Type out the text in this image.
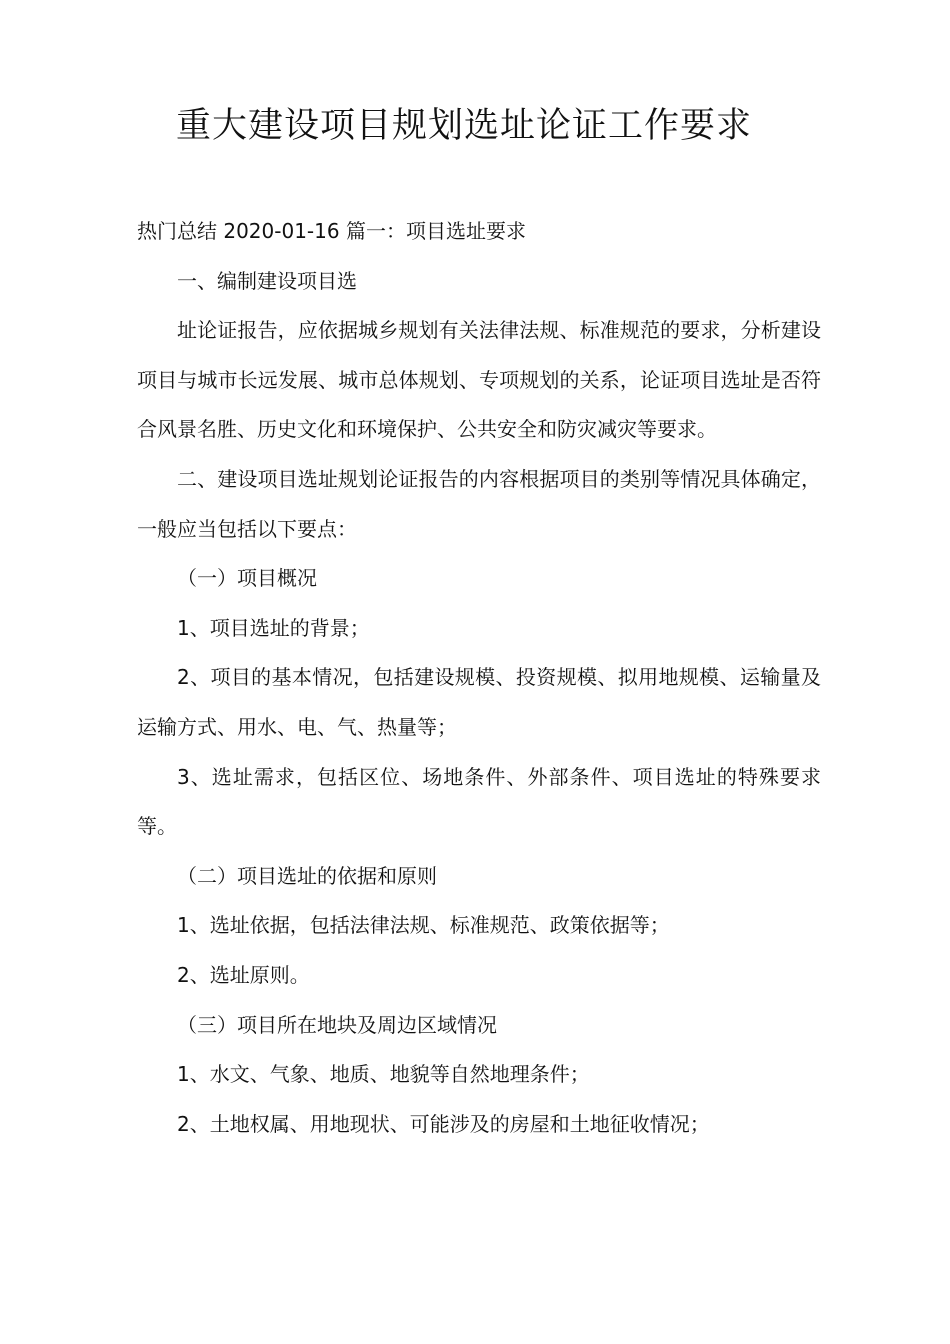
重大建设项目规划选址论证工作要求

热门总结 2020-01-16 篇一：项目选址要求

一、编制建设项目选

址论证报告，应依据城乡规划有关法律法规、标准规范的要求，分析建设项目与城市长远发展、城市总体规划、专项规划的关系，论证项目选址是否符合风景名胜、历史文化和环境保护、公共安全和防灾减灾等要求。

二、建设项目选址规划论证报告的内容根据项目的类别等情况具体确定，一般应当包括以下要点：

（一）项目概况

1、项目选址的背景；

2、项目的基本情况，包括建设规模、投资规模、拟用地规模、运输量及运输方式、用水、电、气、热量等；

3、选址需求，包括区位、场地条件、外部条件、项目选址的特殊要求等。

（二）项目选址的依据和原则

1、选址依据，包括法律法规、标准规范、政策依据等；

2、选址原则。

（三）项目所在地块及周边区域情况

1、水文、气象、地质、地貌等自然地理条件；

2、土地权属、用地现状、可能涉及的房屋和土地征收情况；
